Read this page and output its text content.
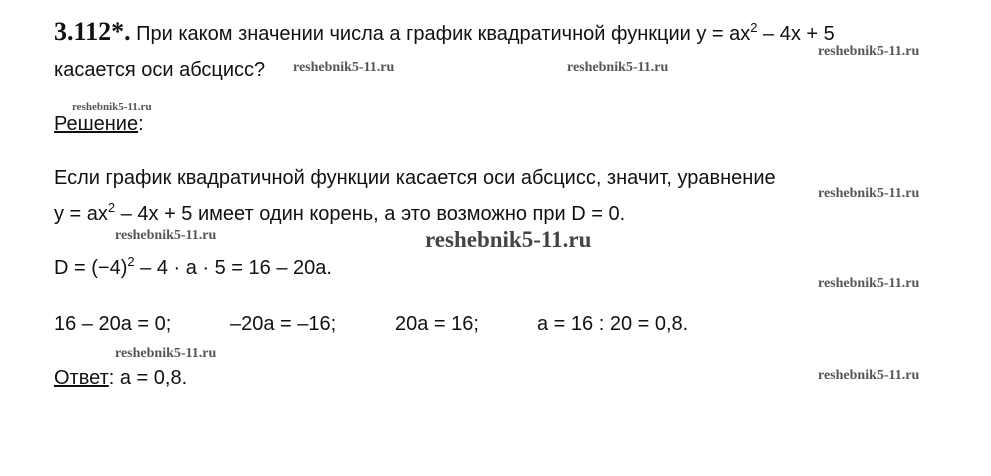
3.112*. При каком значении числа a график квадратичной функции $y = ax^2 - 4x + 5$
касается оси абсцисс?
Решение:
Если график квадратичной функции касается оси абсцисс, значит, уравнение
$y = ax^2 - 4x + 5$ имеет один корень, а это возможно при D = 0.
$D = (-4)^2 - 4 \cdot a \cdot 5 = 16 - 20a$.
16 – 20a = 0;	–20a = –16;	20a = 16;	a = 16 : 20 = 0,8.
Ответ: a = 0,8.
reshebnik5-11.ru	reshebnik5-11.ru
reshebnik5-11.ru
reshebnik5-11.ru
reshebnik5-11.ru
reshebnik5-11.ru	reshebnik5-11.ru
reshebnik5-11.ru
reshebnik5-11.ru
reshebnik5-11.ru
